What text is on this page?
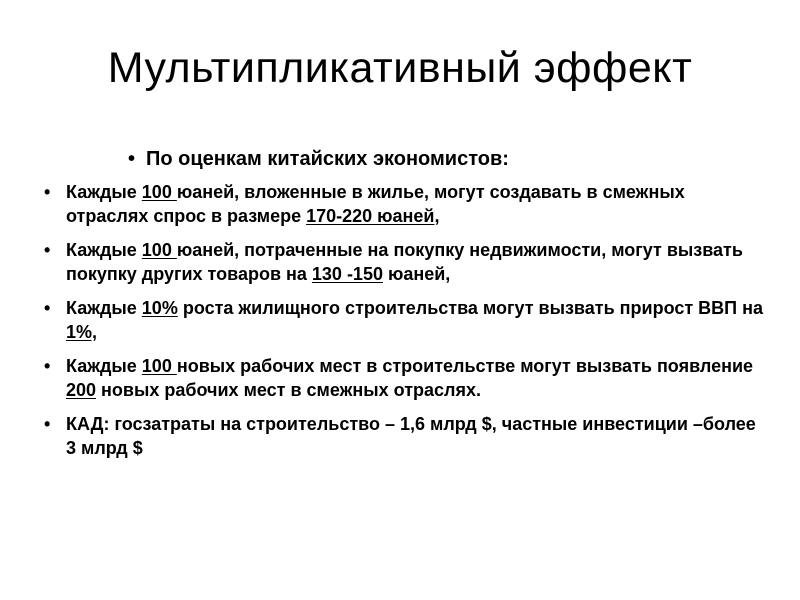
Мультипликативный эффект
• По оценкам китайских экономистов:
• Каждые 100 юаней, вложенные в жилье, могут создавать в смежных отраслях спрос в размере 170-220 юаней,
• Каждые 100 юаней, потраченные на покупку недвижимости, могут вызвать покупку других товаров на 130 -150 юаней,
• Каждые 10% роста жилищного строительства могут вызвать прирост ВВП на 1%,
• Каждые 100 новых рабочих мест в строительстве могут вызвать появление 200 новых рабочих мест в смежных отраслях.
• КАД: госзатраты на строительство – 1,6 млрд $, частные инвестиции –более 3 млрд $
